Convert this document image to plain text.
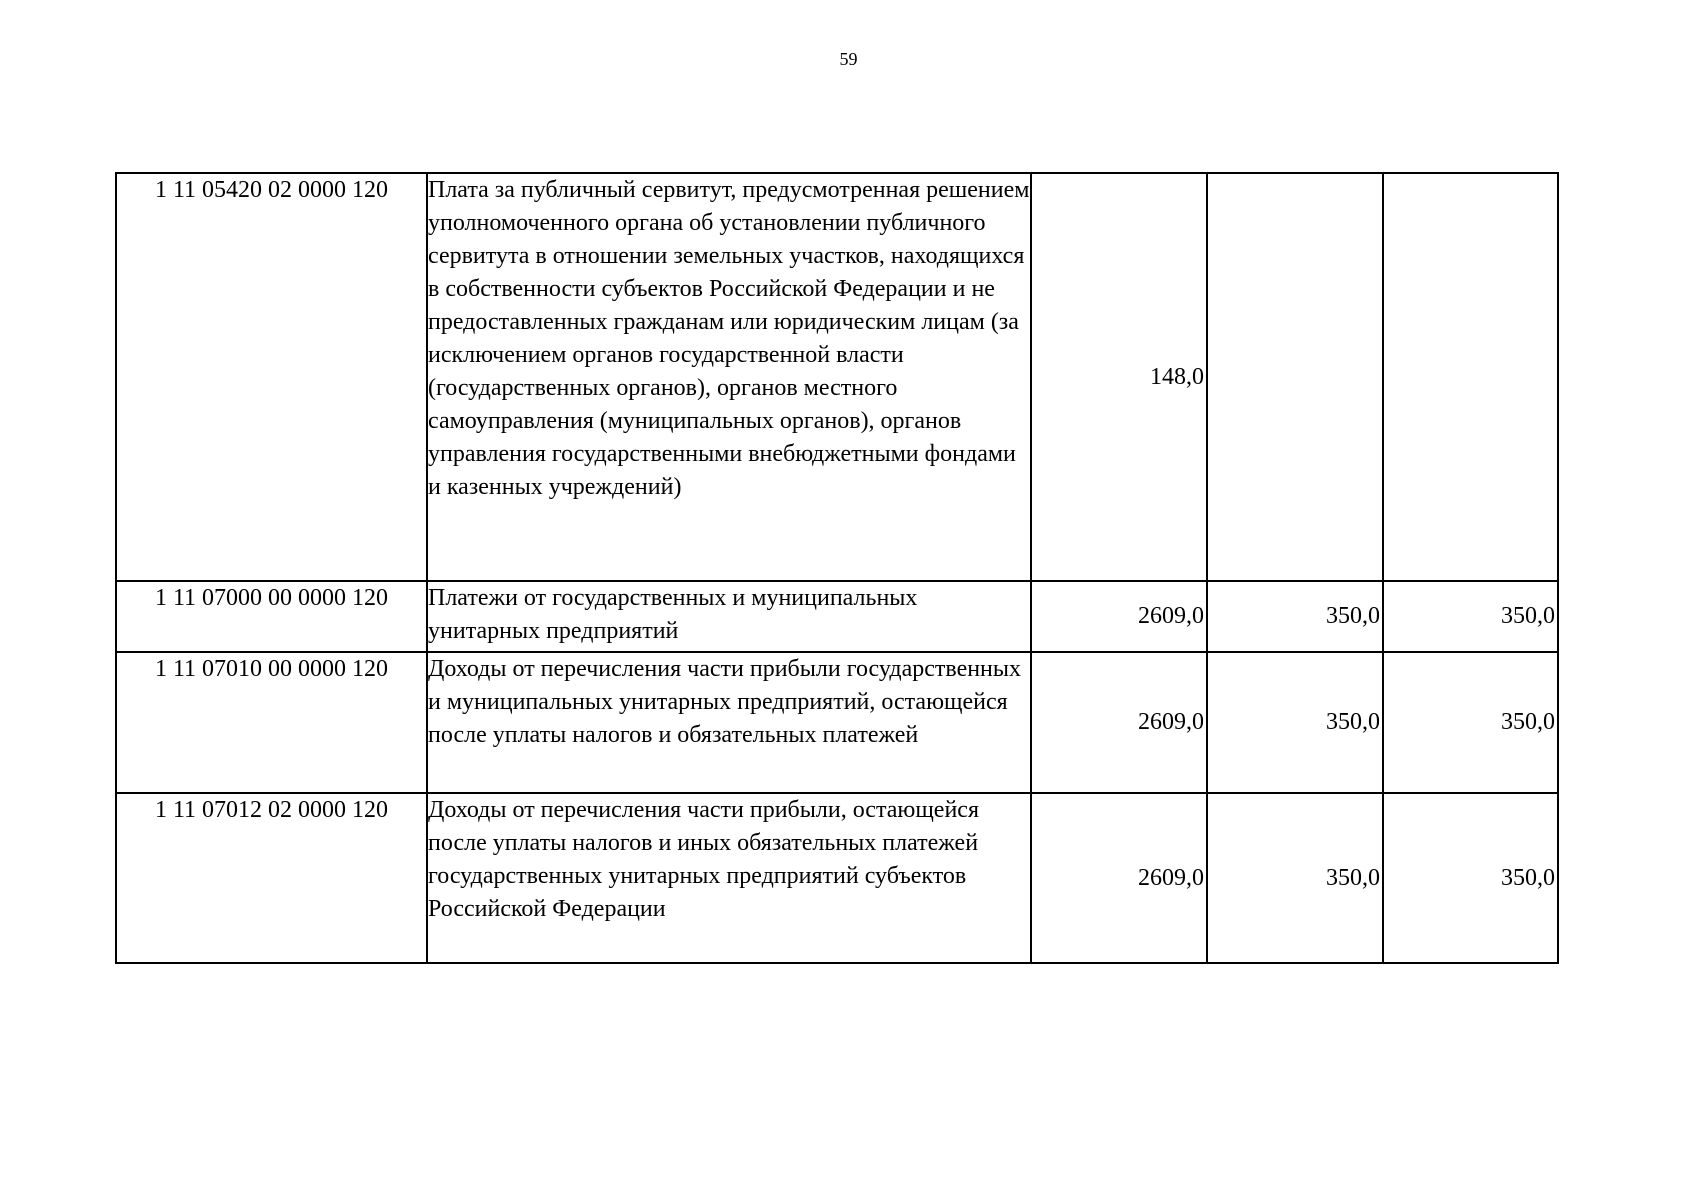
59
1 11 05420 02 0000 120	Плата за публичный сервитут, предусмотренная решением уполномоченного органа об установлении публичного сервитута в отношении земельных участков, находящихся в собственности субъектов Российской Федерации и не предоставленных гражданам или юридическим лицам (за исключением органов государственной власти (государственных органов), органов местного самоуправления (муниципальных органов), органов управления государственными внебюджетными фондами и казенных учреждений)	148,0		
1 11 07000 00 0000 120	Платежи от государственных и муниципальных унитарных предприятий	2609,0	350,0	350,0
1 11 07010 00 0000 120	Доходы от перечисления части прибыли государственных и муниципальных унитарных предприятий, остающейся после уплаты налогов и обязательных платежей	2609,0	350,0	350,0
1 11 07012 02 0000 120	Доходы от перечисления части прибыли, остающейся после уплаты налогов и иных обязательных платежей государственных унитарных предприятий субъектов Российской Федерации	2609,0	350,0	350,0
